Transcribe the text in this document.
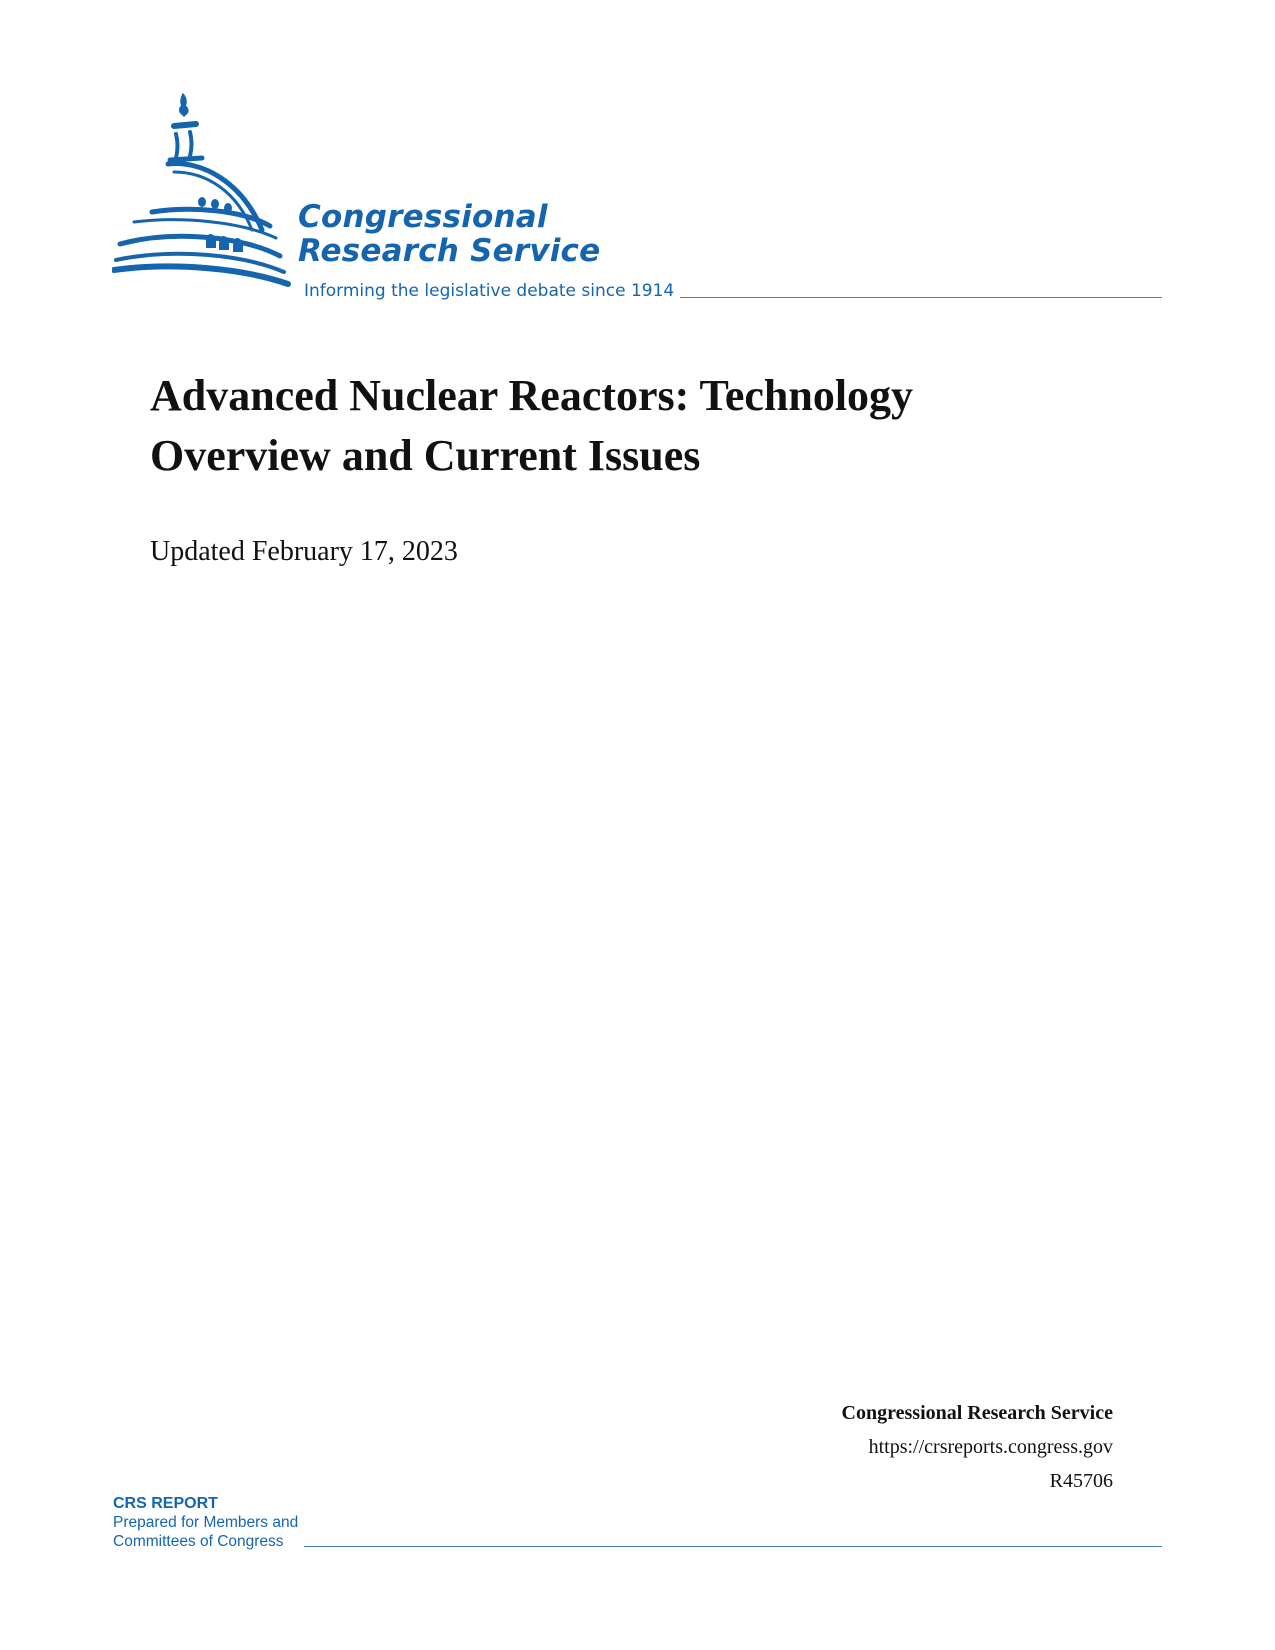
Congressional
Research Service
Informing the legislative debate since 1914
Advanced Nuclear Reactors: Technology
Overview and Current Issues
Updated February 17, 2023
Congressional Research Service
https://crsreports.congress.gov
R45706
CRS REPORT
Prepared for Members and
Committees of Congress
